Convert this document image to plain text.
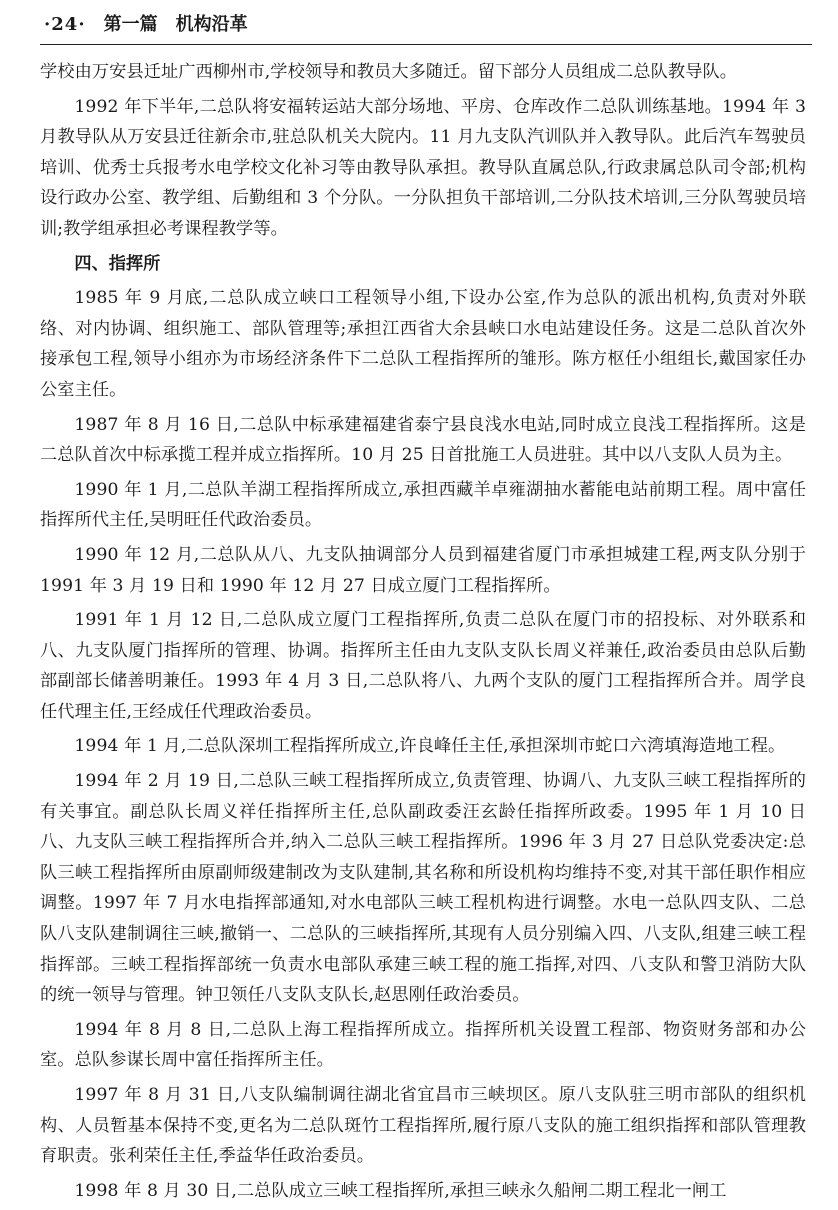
·24· 第一篇 机构沿革

学校由万安县迁址广西柳州市,学校领导和教员大多随迁。留下部分人员组成二总队教导队。

1992 年下半年,二总队将安福转运站大部分场地、平房、仓库改作二总队训练基地。1994 年 3 月教导队从万安县迁往新余市,驻总队机关大院内。11 月九支队汽训队并入教导队。此后汽车驾驶员培训、优秀士兵报考水电学校文化补习等由教导队承担。教导队直属总队,行政隶属总队司令部;机构设行政办公室、教学组、后勤组和 3 个分队。一分队担负干部培训,二分队技术培训,三分队驾驶员培训;教学组承担必考课程教学等。

四、指挥所

1985 年 9 月底,二总队成立峡口工程领导小组,下设办公室,作为总队的派出机构,负责对外联络、对内协调、组织施工、部队管理等;承担江西省大余县峡口水电站建设任务。这是二总队首次外接承包工程,领导小组亦为市场经济条件下二总队工程指挥所的雏形。陈方枢任小组组长,戴国家任办公室主任。

1987 年 8 月 16 日,二总队中标承建福建省泰宁县良浅水电站,同时成立良浅工程指挥所。这是二总队首次中标承揽工程并成立指挥所。10 月 25 日首批施工人员进驻。其中以八支队人员为主。

1990 年 1 月,二总队羊湖工程指挥所成立,承担西藏羊卓雍湖抽水蓄能电站前期工程。周中富任指挥所代主任,吴明旺任代政治委员。

1990 年 12 月,二总队从八、九支队抽调部分人员到福建省厦门市承担城建工程,两支队分别于 1991 年 3 月 19 日和 1990 年 12 月 27 日成立厦门工程指挥所。

1991 年 1 月 12 日,二总队成立厦门工程指挥所,负责二总队在厦门市的招投标、对外联系和八、九支队厦门指挥所的管理、协调。指挥所主任由九支队支队长周义祥兼任,政治委员由总队后勤部副部长储善明兼任。1993 年 4 月 3 日,二总队将八、九两个支队的厦门工程指挥所合并。周学良任代理主任,王经成任代理政治委员。

1994 年 1 月,二总队深圳工程指挥所成立,许良峰任主任,承担深圳市蛇口六湾填海造地工程。

1994 年 2 月 19 日,二总队三峡工程指挥所成立,负责管理、协调八、九支队三峡工程指挥所的有关事宜。副总队长周义祥任指挥所主任,总队副政委汪玄龄任指挥所政委。1995 年 1 月 10 日八、九支队三峡工程指挥所合并,纳入二总队三峡工程指挥所。1996 年 3 月 27 日总队党委决定:总队三峡工程指挥所由原副师级建制改为支队建制,其名称和所设机构均维持不变,对其干部任职作相应调整。1997 年 7 月水电指挥部通知,对水电部队三峡工程机构进行调整。水电一总队四支队、二总队八支队建制调往三峡,撤销一、二总队的三峡指挥所,其现有人员分别编入四、八支队,组建三峡工程指挥部。三峡工程指挥部统一负责水电部队承建三峡工程的施工指挥,对四、八支队和警卫消防大队的统一领导与管理。钟卫领任八支队支队长,赵思刚任政治委员。

1994 年 8 月 8 日,二总队上海工程指挥所成立。指挥所机关设置工程部、物资财务部和办公室。总队参谋长周中富任指挥所主任。

1997 年 8 月 31 日,八支队编制调往湖北省宜昌市三峡坝区。原八支队驻三明市部队的组织机构、人员暂基本保持不变,更名为二总队斑竹工程指挥所,履行原八支队的施工组织指挥和部队管理教育职责。张利荣任主任,季益华任政治委员。

1998 年 8 月 30 日,二总队成立三峡工程指挥所,承担三峡永久船闸二期工程北一闸工
